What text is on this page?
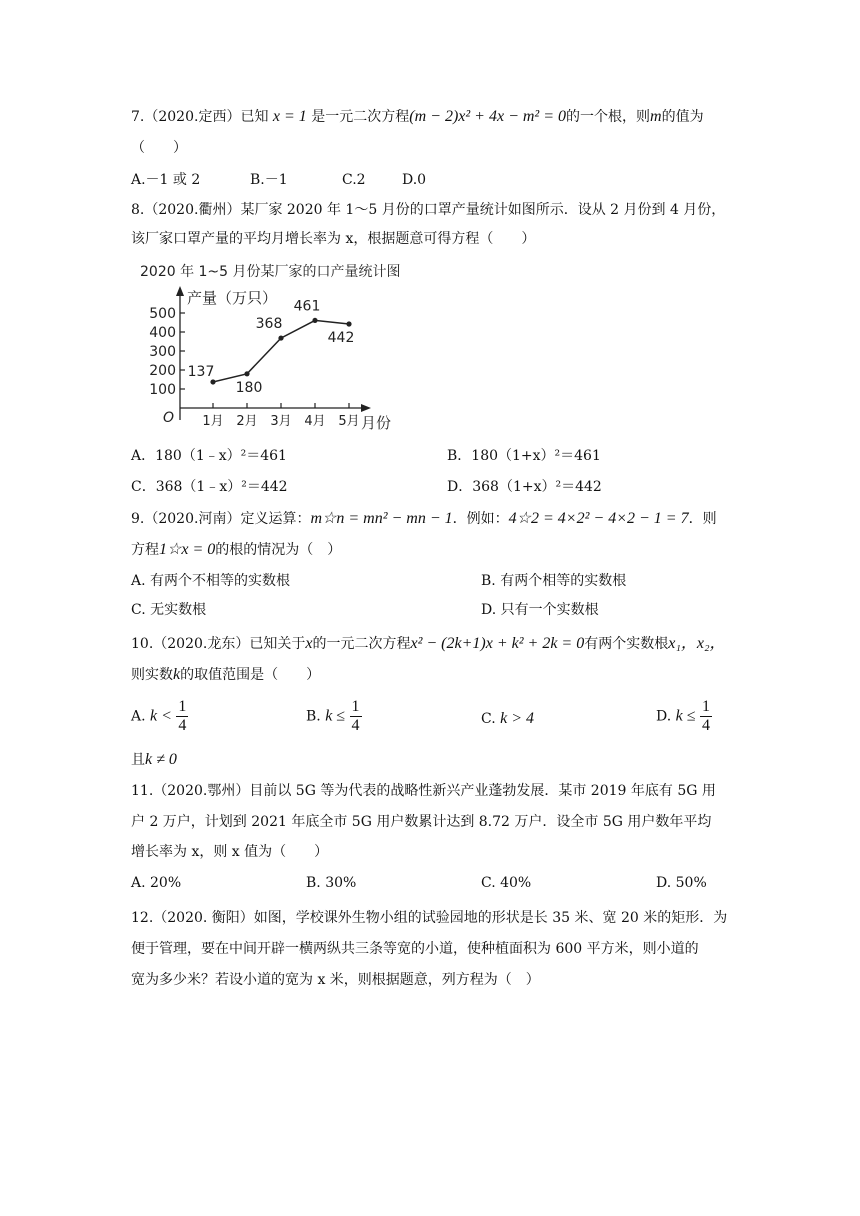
7.（2020.定西）已知 x = 1 是一元二次方程(m − 2)x² + 4x − m² = 0的一个根，则m的值为
（　　）
A.－1 或 2	B.－1	C.2	D.0
8.（2020.衢州）某厂家 2020 年 1～5 月份的口罩产量统计如图所示．设从 2 月份到 4 月份，
该厂家口罩产量的平均月增长率为 x，根据题意可得方程（　　）
2020 年 1~5 月份某厂家的口产量统计图
产量（万只）
O	月份
100
200
300
400
500
1月 2月 3月 4月 5月
137
180
368
461
442
A．180（1﹣x）²＝461	B．180（1+x）²＝461
C．368（1﹣x）²＝442	D．368（1+x）²＝442
9.（2020.河南）定义运算：m☆n = mn² − mn − 1．例如：4☆2 = 4×2² − 4×2 − 1 = 7．则
方程1☆x = 0的根的情况为（　）
A. 有两个不相等的实数根	B. 有两个相等的实数根
C. 无实数根	D. 只有一个实数根
10.（2020.龙东）已知关于x的一元二次方程x² − (2k+1)x + k² + 2k = 0有两个实数根x₁，x₂，
则实数k的取值范围是（　　）
A. $k < \frac{1}{4}$	B. $k \le \frac{1}{4}$	C. k > 4	D. $k \le \frac{1}{4}$
且k ≠ 0
11.（2020.鄂州）目前以 5G 等为代表的战略性新兴产业蓬勃发展．某市 2019 年底有 5G 用
户 2 万户，计划到 2021 年底全市 5G 用户数累计达到 8.72 万户．设全市 5G 用户数年平均
增长率为 x，则 x 值为（　　）
A. 20%	B. 30%	C. 40%	D. 50%
12.（2020. 衡阳）如图，学校课外生物小组的试验园地的形状是长 35 米、宽 20 米的矩形．为
便于管理，要在中间开辟一横两纵共三条等宽的小道，使种植面积为 600 平方米，则小道的
宽为多少米？若设小道的宽为 x 米，则根据题意，列方程为（　）
